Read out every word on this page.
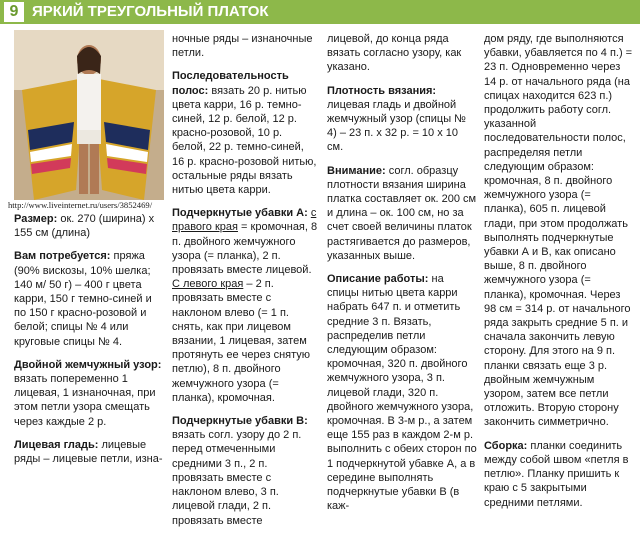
9 ЯРКИЙ ТРЕУГОЛЬНЫЙ ПЛАТОК
http://www.liveinternet.ru/users/3852469/

Размер: ок. 270 (ширина) х 155 см (длина)

Вам потребуется: пряжа (90% вискозы, 10% шелка; 140 м/ 50 г) – 400 г цвета карри, 150 г темно-синей и по 150 г красно-розовой и белой; спицы № 4 или круговые спицы № 4.

Двойной жемчужный узор: вязать попеременно 1 лицевая, 1 изнаночная, при этом петли узора смещать через каждые 2 р.

Лицевая гладь: лицевые ряды – лицевые петли, изна-

ночные ряды – изнаночные петли.

Последовательность полос: вязать 20 р. нитью цвета карри, 16 р. темно-синей, 12 р. белой, 12 р. красно-розовой, 10 р. белой, 22 р. темно-синей, 16 р. красно-розовой нитью, остальные ряды вязать нитью цвета карри.

Подчеркнутые убавки А: с правого края = кромочная, 8 п. двойного жемчужного узора (= планка), 2 п. провязать вместе лицевой. С левого края – 2 п. провязать вместе с наклоном влево (= 1 п. снять, как при лицевом вязании, 1 лицевая, затем протянуть ее через снятую петлю), 8 п. двойного жемчужного узора (= планка), кромочная.

Подчеркнутые убавки В: вязать согл. узору до 2 п. перед отмеченными средними 3 п., 2 п. провязать вместе с наклоном влево, 3 п. лицевой глади, 2 п. провязать вместе

лицевой, до конца ряда вязать согласно узору, как указано.

Плотность вязания: лицевая гладь и двойной жемчужный узор (спицы № 4) – 23 п. х 32 р. = 10 х 10 см.

Внимание: согл. образцу плотности вязания ширина платка составляет ок. 200 см и длина – ок. 100 см, но за счет своей величины платок растягивается до размеров, указанных выше.

Описание работы: на спицы нитью цвета карри набрать 647 п. и отметить средние 3 п. Вязать, распределив петли следующим образом: кромочная, 320 п. двойного жемчужного узора, 3 п. лицевой глади, 320 п. двойного жемчужного узора, кромочная. В 3-м р., а затем еще 155 раз в каждом 2-м р. выполнить с обеих сторон по 1 подчеркнутой убавке А, а в середине выполнять подчеркнутые убавки В (в каж-

дом ряду, где выполняются убавки, убавляется по 4 п.) = 23 п. Одновременно через 14 р. от начального ряда (на спицах находится 623 п.) продолжить работу согл. указанной последовательности полос, распределяя петли следующим образом: кромочная, 8 п. двойного жемчужного узора (= планка), 605 п. лицевой глади, при этом продолжать выполнять подчеркнутые убавки А и В, как описано выше, 8 п. двойного жемчужного узора (= планка), кромочная. Через 98 см = 314 р. от начального ряда закрыть средние 5 п. и сначала закончить левую сторону. Для этого на 9 п. планки связать еще 3 р. двойным жемчужным узором, затем все петли отложить. Вторую сторону закончить симметрично.

Сборка: планки соединить между собой швом «петля в петлю». Планку пришить к краю с 5 закрытыми средними петлями.
